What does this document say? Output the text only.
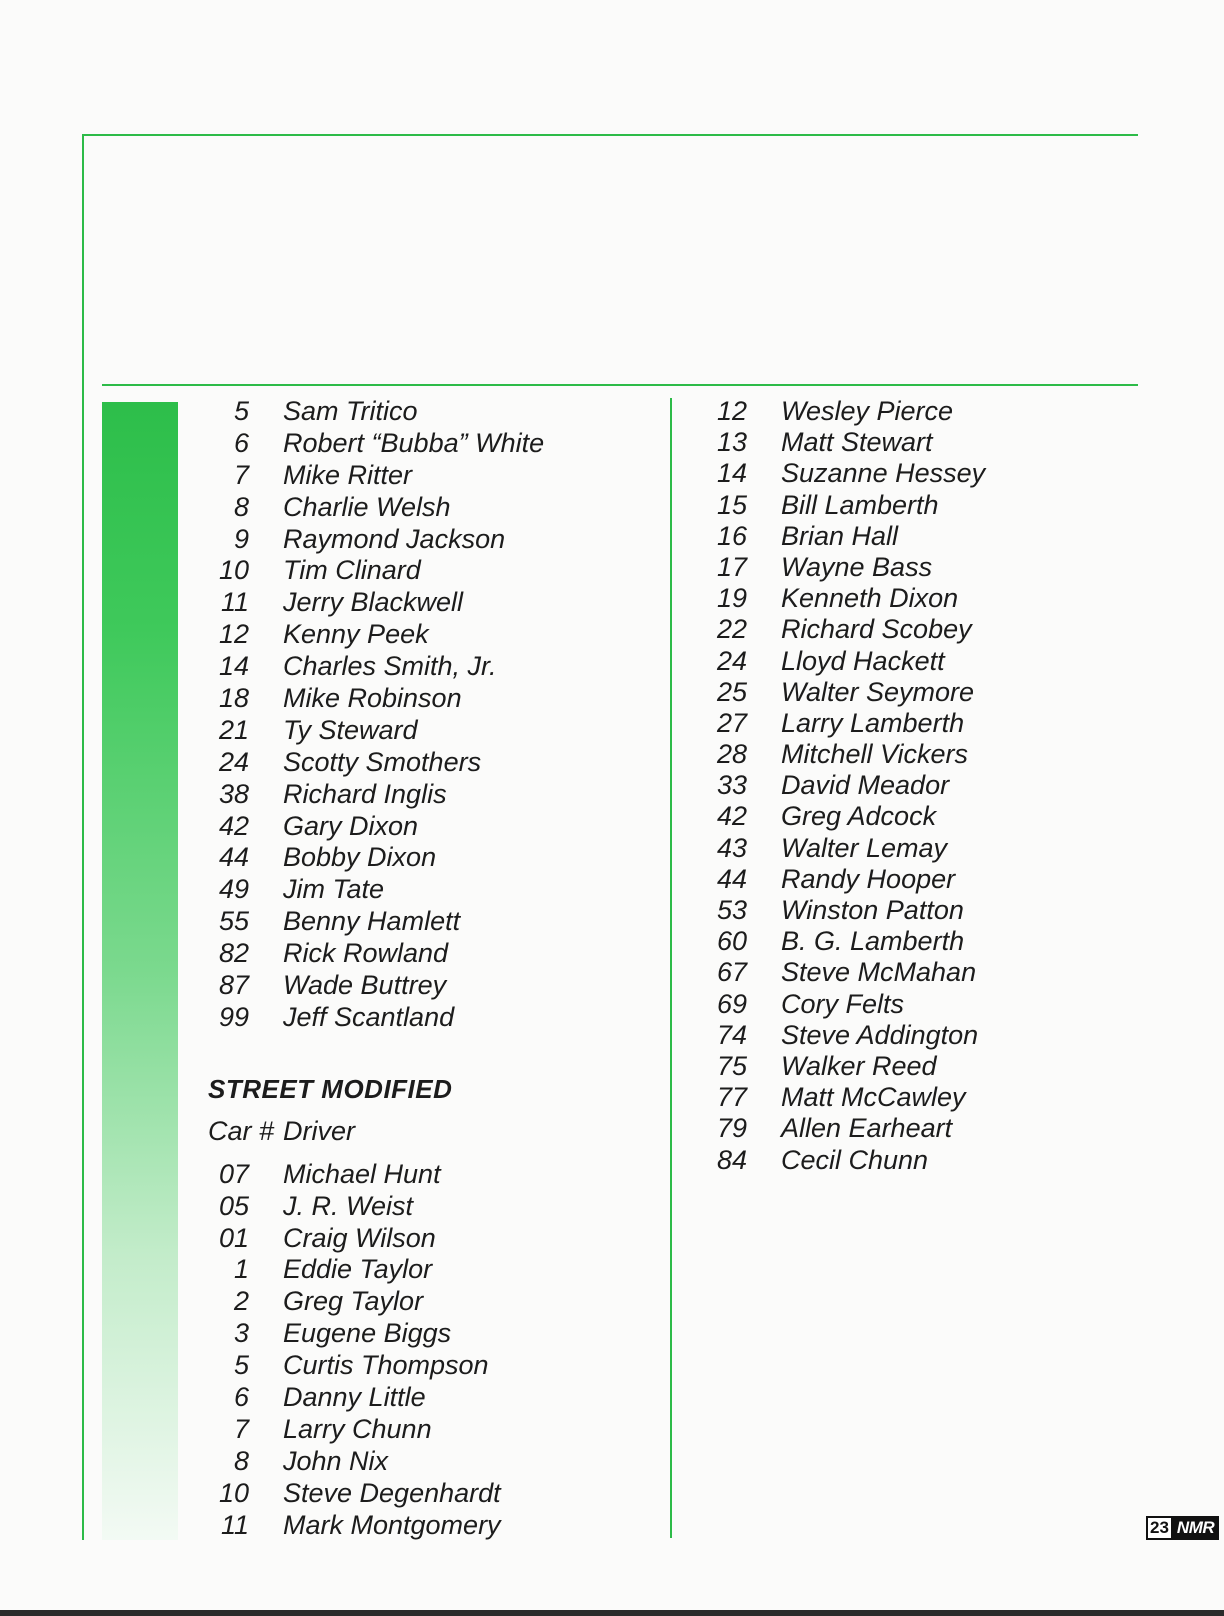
5 Sam Tritico
6 Robert “Bubba” White
7 Mike Ritter
8 Charlie Welsh
9 Raymond Jackson
10 Tim Clinard
11 Jerry Blackwell
12 Kenny Peek
14 Charles Smith, Jr.
18 Mike Robinson
21 Ty Steward
24 Scotty Smothers
38 Richard Inglis
42 Gary Dixon
44 Bobby Dixon
49 Jim Tate
55 Benny Hamlett
82 Rick Rowland
87 Wade Buttrey
99 Jeff Scantland
STREET MODIFIED
Car # Driver
07 Michael Hunt
05 J. R. Weist
01 Craig Wilson
1 Eddie Taylor
2 Greg Taylor
3 Eugene Biggs
5 Curtis Thompson
6 Danny Little
7 Larry Chunn
8 John Nix
10 Steve Degenhardt
11 Mark Montgomery
12 Wesley Pierce
13 Matt Stewart
14 Suzanne Hessey
15 Bill Lamberth
16 Brian Hall
17 Wayne Bass
19 Kenneth Dixon
22 Richard Scobey
24 Lloyd Hackett
25 Walter Seymore
27 Larry Lamberth
28 Mitchell Vickers
33 David Meador
42 Greg Adcock
43 Walter Lemay
44 Randy Hooper
53 Winston Patton
60 B. G. Lamberth
67 Steve McMahan
69 Cory Felts
74 Steve Addington
75 Walker Reed
77 Matt McCawley
79 Allen Earheart
84 Cecil Chunn
23 NMR
